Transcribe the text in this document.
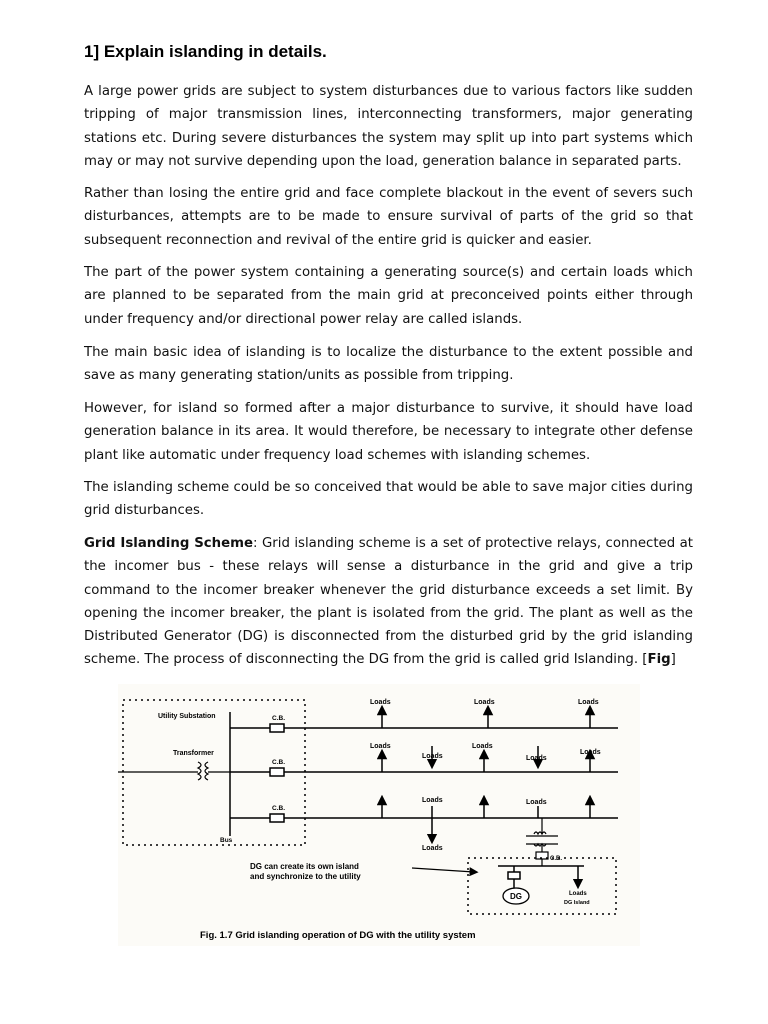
1] Explain islanding in details.

A large power grids are subject to system disturbances due to various factors like sudden tripping of major transmission lines, interconnecting transformers, major generating stations etc. During severe disturbances the system may split up into part systems which may or may not survive depending upon the load, generation balance in separated parts.

Rather than losing the entire grid and face complete blackout in the event of severs such disturbances, attempts are to be made to ensure survival of parts of the grid so that subsequent reconnection and revival of the entire grid is quicker and easier.

The part of the power system containing a generating source(s) and certain loads which are planned to be separated from the main grid at preconceived points either through under frequency and/or directional power relay are called islands.

The main basic idea of islanding is to localize the disturbance to the extent possible and save as many generating station/units as possible from tripping.

However, for island so formed after a major disturbance to survive, it should have load generation balance in its area. It would therefore, be necessary to integrate other defense plant like automatic under frequency load schemes with islanding schemes.

The islanding scheme could be so conceived that would be able to save major cities during grid disturbances.

Grid Islanding Scheme: Grid islanding scheme is a set of protective relays, connected at the incomer bus - these relays will sense a disturbance in the grid and give a trip command to the incomer breaker whenever the grid disturbance exceeds a set limit. By opening the incomer breaker, the plant is isolated from the grid. The plant as well as the Distributed Generator (DG) is disconnected from the disturbed grid by the grid islanding scheme. The process of disconnecting the DG from the grid is called grid Islanding. [Fig]

Utility Substation
Transformer
Bus
C.B.
C.B.
C.B.
Loads	Loads	Loads
Loads
Loads
Loads
Loads
Loads
Loads	Loads
Loads
C.B.
DG	Loads
DG Island
DG can create its own island
and synchronize to the utility
Fig. 1.7 Grid islanding operation of DG with the utility system
